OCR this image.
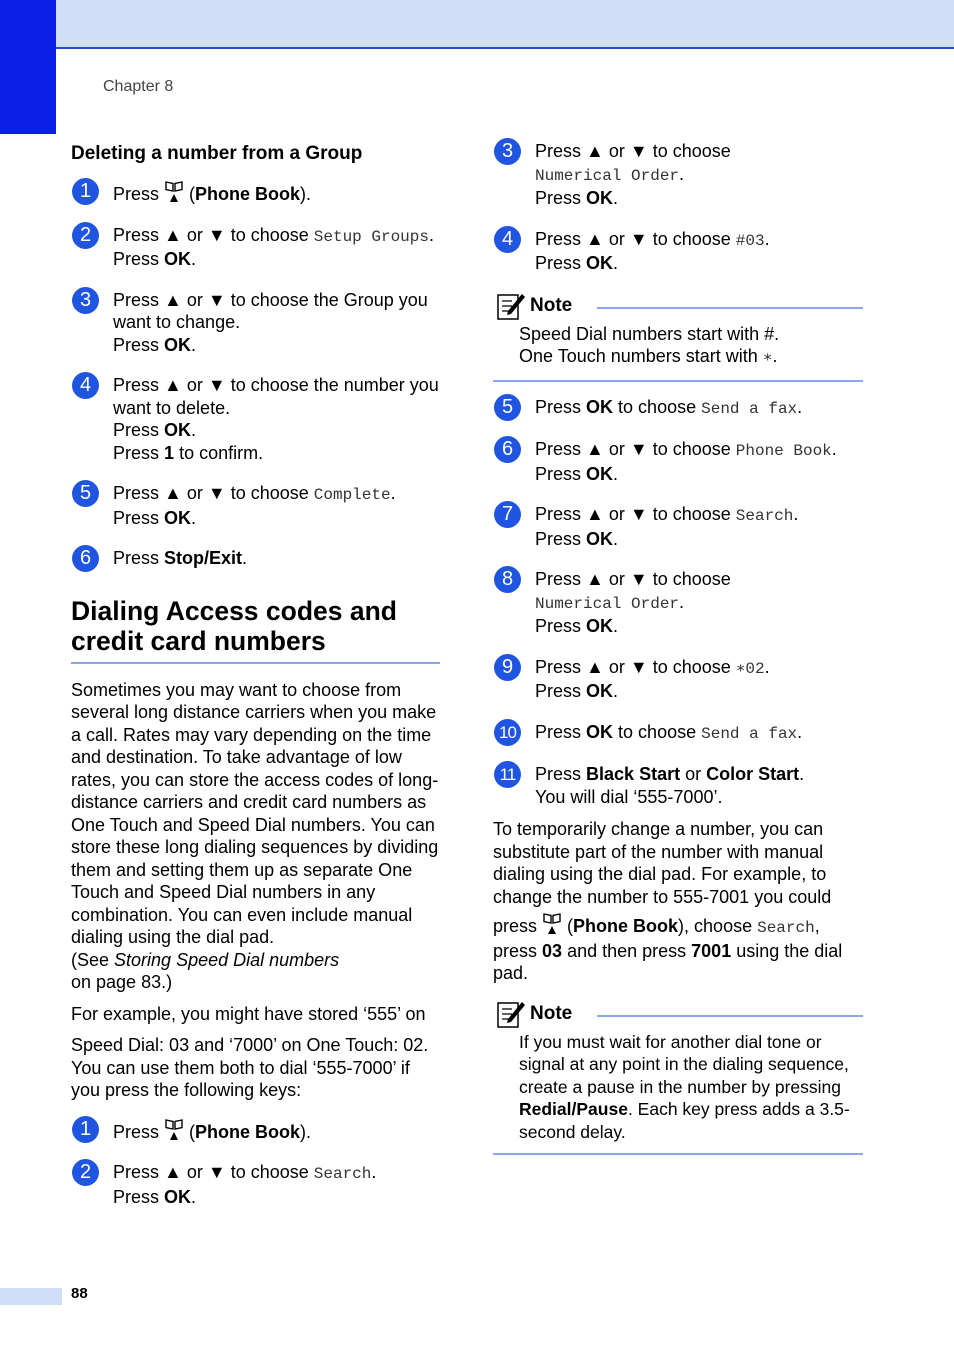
Chapter 8
Deleting a number from a Group
1	Press  (Phone Book).
2	Press ▲ or ▼ to choose Setup Groups.
Press OK.
3	Press ▲ or ▼ to choose the Group you want to change.
Press OK.
4	Press ▲ or ▼ to choose the number you want to delete.
Press OK.
Press 1 to confirm.
5	Press ▲ or ▼ to choose Complete.
Press OK.
6	Press Stop/Exit.
Dialing Access codes and
credit card numbers

Sometimes you may want to choose from several long distance carriers when you make a call. Rates may vary depending on the time and destination. To take advantage of low rates, you can store the access codes of long-distance carriers and credit card numbers as One Touch and Speed Dial numbers. You can store these long dialing sequences by dividing them and setting them up as separate One Touch and Speed Dial numbers in any combination. You can even include manual dialing using the dial pad.
(See Storing Speed Dial numbers
on page 83.)

For example, you might have stored ‘555’ on

Speed Dial: 03 and ‘7000’ on One Touch: 02. You can use them both to dial ‘555-7000’ if you press the following keys:

1	Press  (Phone Book).
2	Press ▲ or ▼ to choose Search.
Press OK.
3	Press ▲ or ▼ to choose
Numerical Order.
Press OK.
4	Press ▲ or ▼ to choose #03.
Press OK.
Note
Speed Dial numbers start with #.
One Touch numbers start with ∗.
5	Press OK to choose Send a fax.
6	Press ▲ or ▼ to choose Phone Book.
Press OK.
7	Press ▲ or ▼ to choose Search.
Press OK.
8	Press ▲ or ▼ to choose
Numerical Order.
Press OK.
9	Press ▲ or ▼ to choose ∗02.
Press OK.
10 Press OK to choose Send a fax.
11	Press Black Start or Color Start.
You will dial ‘555-7000’.

To temporarily change a number, you can substitute part of the number with manual dialing using the dial pad. For example, to change the number to 555-7001 you could

press  (Phone Book), choose Search,
press 03 and then press 7001 using the dial pad.

Note
If you must wait for another dial tone or signal at any point in the dialing sequence, create a pause in the number by pressing Redial/Pause. Each key press adds a 3.5-second delay.
88
